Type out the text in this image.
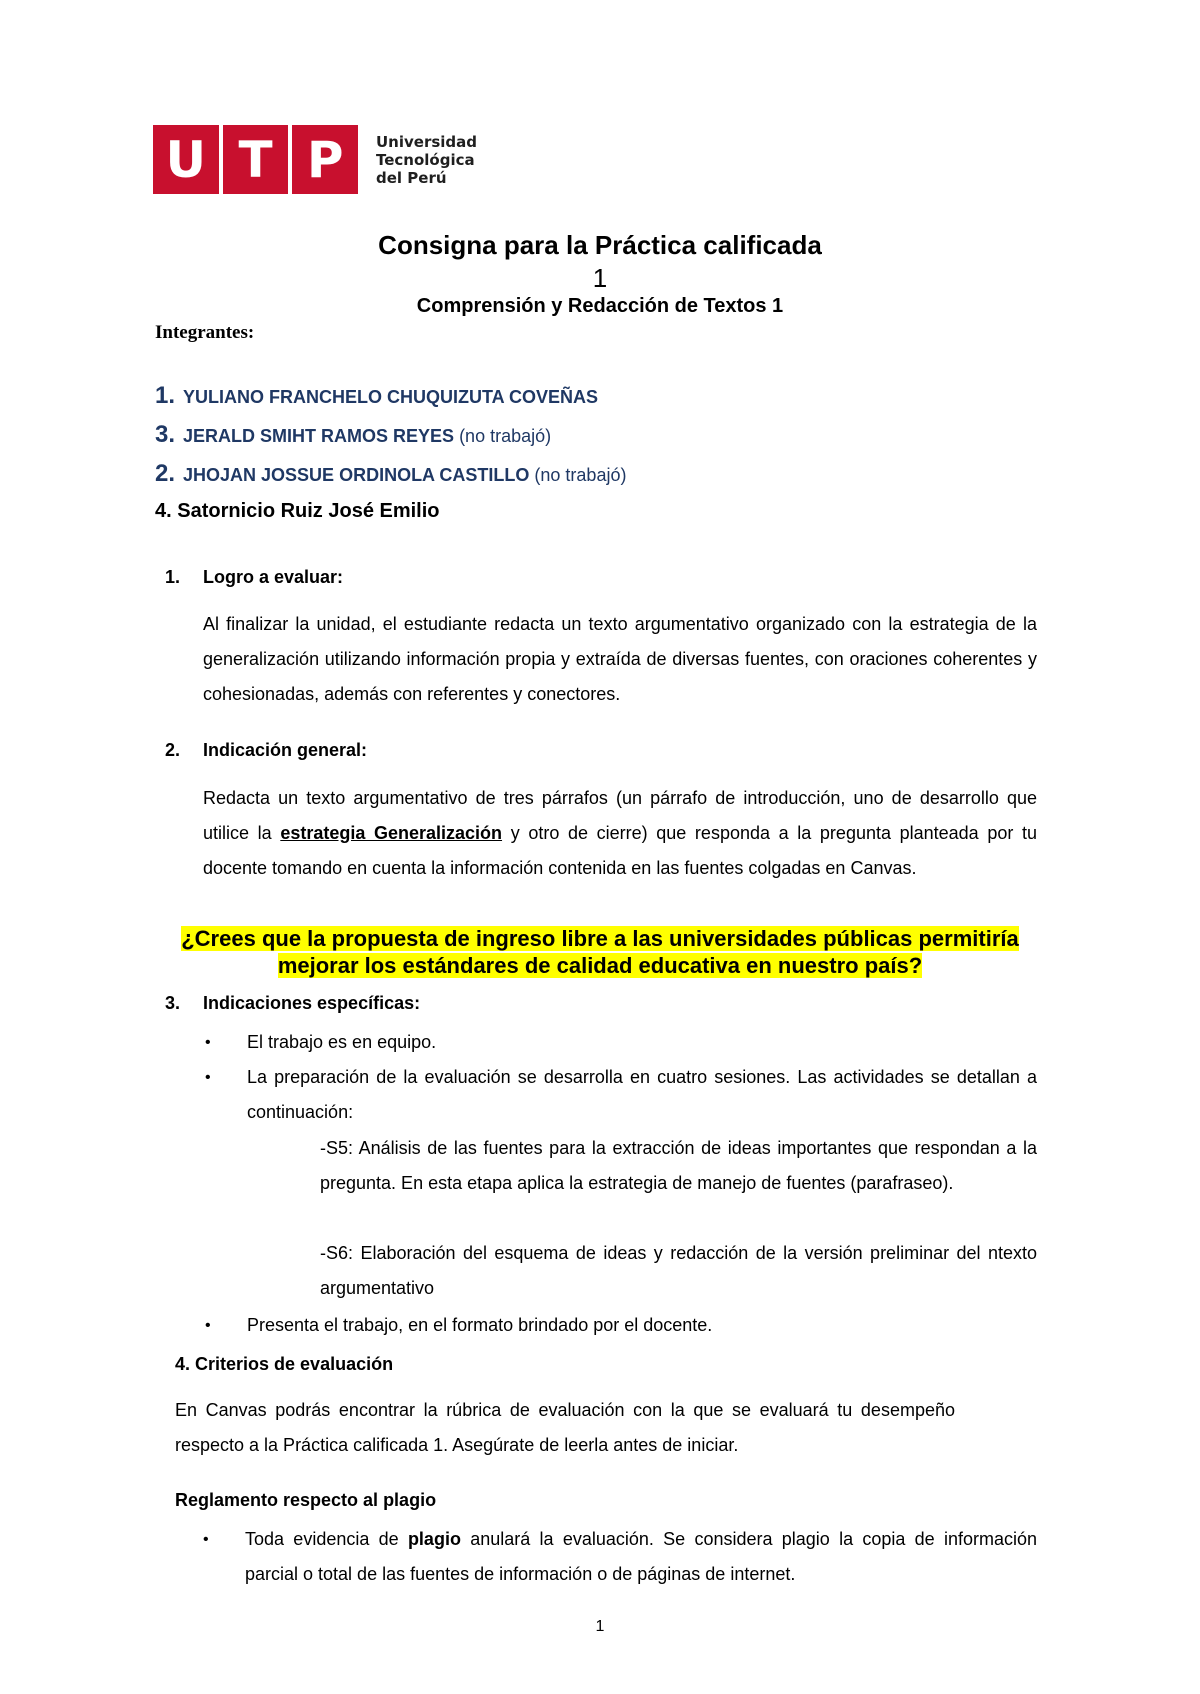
U T P	Universidad
Tecnológica
del Perú
Consigna para la Práctica calificada
1
Comprensión y Redacción de Textos 1
Integrantes:
1. YULIANO FRANCHELO CHUQUIZUTA COVEÑAS
3. JERALD SMIHT RAMOS REYES (no trabajó)
2. JHOJAN JOSSUE ORDINOLA CASTILLO (no trabajó)
4. Satornicio Ruiz José Emilio
1. Logro a evaluar:
Al finalizar la unidad, el estudiante redacta un texto argumentativo organizado con la estrategia de la generalización utilizando información propia y extraída de diversas fuentes, con oraciones coherentes y cohesionadas, además con referentes y conectores.
2. Indicación general:
Redacta un texto argumentativo de tres párrafos (un párrafo de introducción, uno de desarrollo que utilice la estrategia Generalización y otro de cierre) que responda a la pregunta planteada por tu docente tomando en cuenta la información contenida en las fuentes colgadas en Canvas.
¿Crees que la propuesta de ingreso libre a las universidades públicas permitiría
mejorar los estándares de calidad educativa en nuestro país?
3. Indicaciones específicas:
• El trabajo es en equipo.
• La preparación de la evaluación se desarrolla en cuatro sesiones. Las actividades se detallan a continuación:
-S5: Análisis de las fuentes para la extracción de ideas importantes que respondan a la pregunta. En esta etapa aplica la estrategia de manejo de fuentes (parafraseo).
-S6: Elaboración del esquema de ideas y redacción de la versión preliminar del ntexto argumentativo
• Presenta el trabajo, en el formato brindado por el docente.
4. Criterios de evaluación
En Canvas podrás encontrar la rúbrica de evaluación con la que se evaluará tu desempeño respecto a la Práctica calificada 1. Asegúrate de leerla antes de iniciar.
Reglamento respecto al plagio
• Toda evidencia de plagio anulará la evaluación. Se considera plagio la copia de información parcial o total de las fuentes de información o de páginas de internet.
1
